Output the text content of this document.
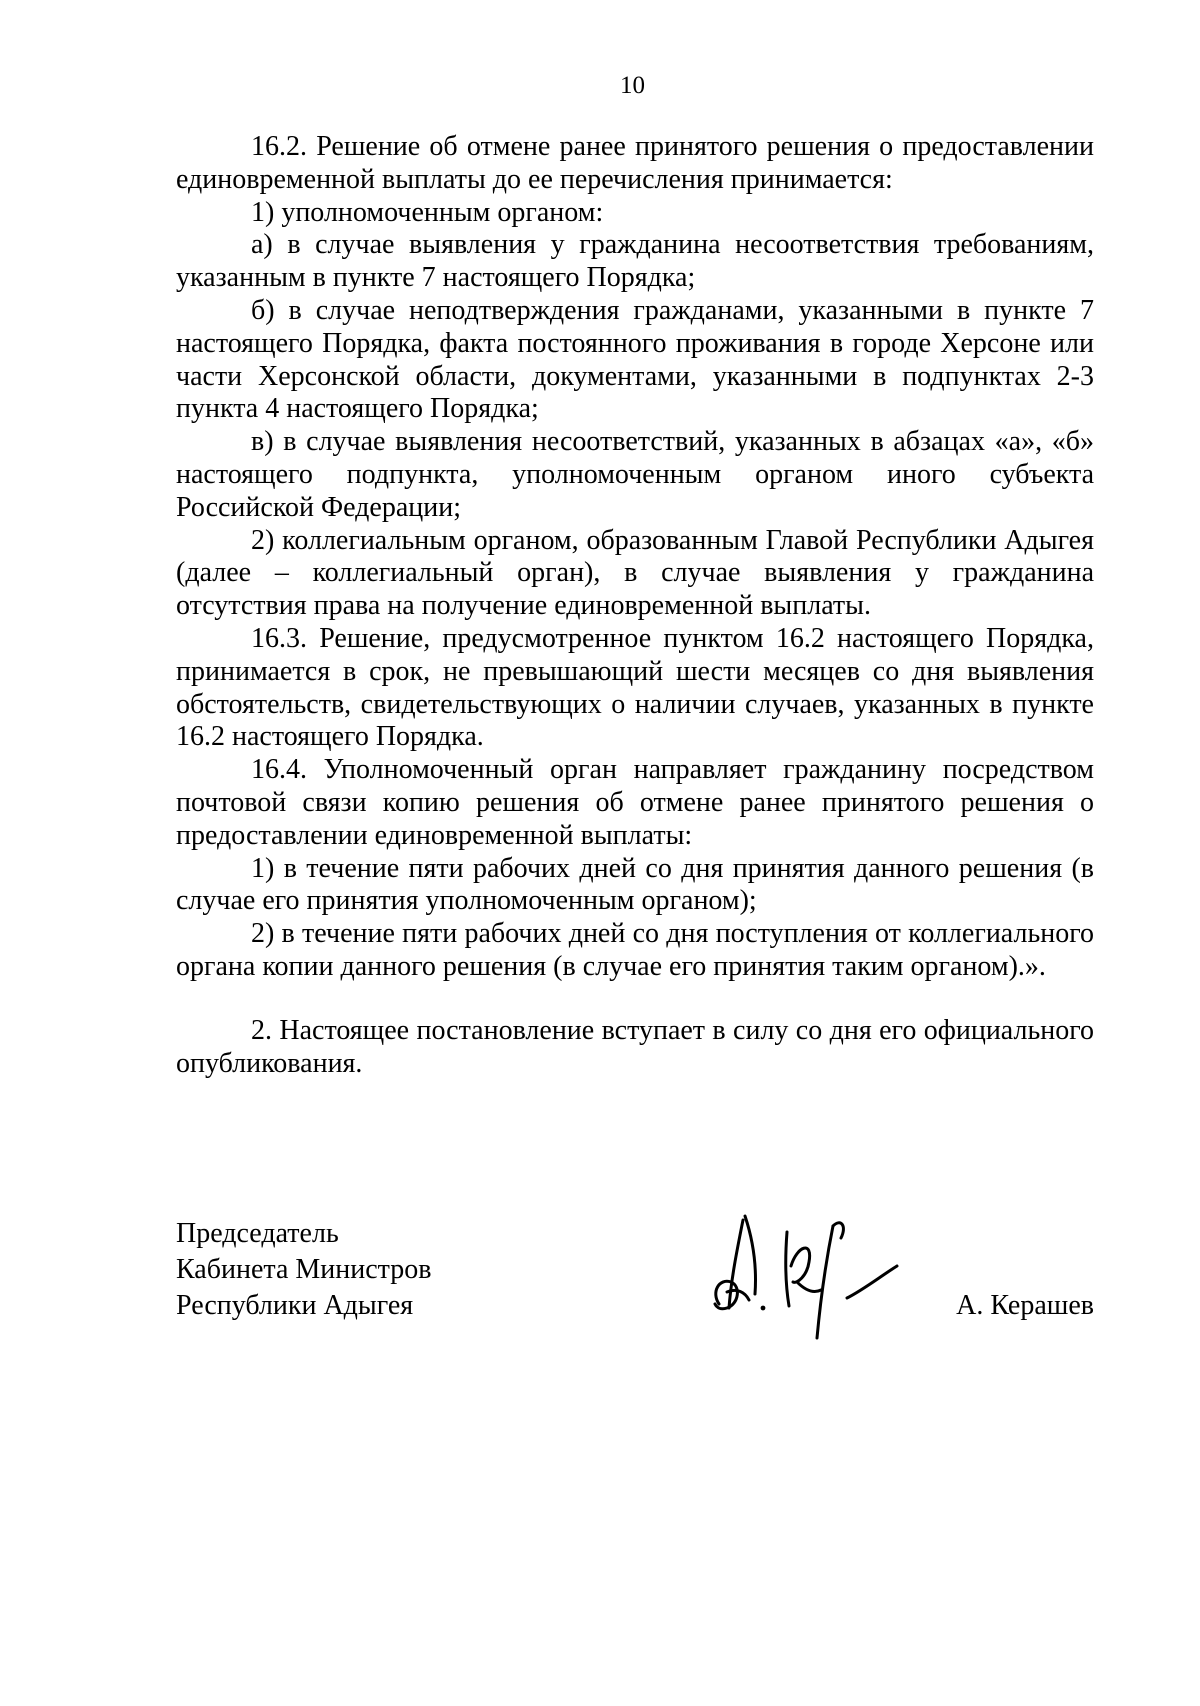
10

16.2. Решение об отмене ранее принятого решения о предоставлении единовременной выплаты до ее перечисления принимается:

1) уполномоченным органом:

а) в случае выявления у гражданина несоответствия требованиям, указанным в пункте 7 настоящего Порядка;

б) в случае неподтверждения гражданами, указанными в пункте 7 настоящего Порядка, факта постоянного проживания в городе Херсоне или части Херсонской области, документами, указанными в подпунктах 2-3 пункта 4 настоящего Порядка;

в) в случае выявления несоответствий, указанных в абзацах «а», «б» настоящего подпункта, уполномоченным органом иного субъекта Российской Федерации;

2) коллегиальным органом, образованным Главой Республики Адыгея (далее – коллегиальный орган), в случае выявления у гражданина отсутствия права на получение единовременной выплаты.

16.3. Решение, предусмотренное пунктом 16.2 настоящего Порядка, принимается в срок, не превышающий шести месяцев со дня выявления обстоятельств, свидетельствующих о наличии случаев, указанных в пункте 16.2 настоящего Порядка.

16.4. Уполномоченный орган направляет гражданину посредством почтовой связи копию решения об отмене ранее принятого решения о предоставлении единовременной выплаты:

1) в течение пяти рабочих дней со дня принятия данного решения (в случае его принятия уполномоченным органом);

2) в течение пяти рабочих дней со дня поступления от коллегиального органа копии данного решения (в случае его принятия таким органом).».

2. Настоящее постановление вступает в силу со дня его официального опубликования.

Председатель
Кабинета Министров
Республики Адыгея	А. Керашев
